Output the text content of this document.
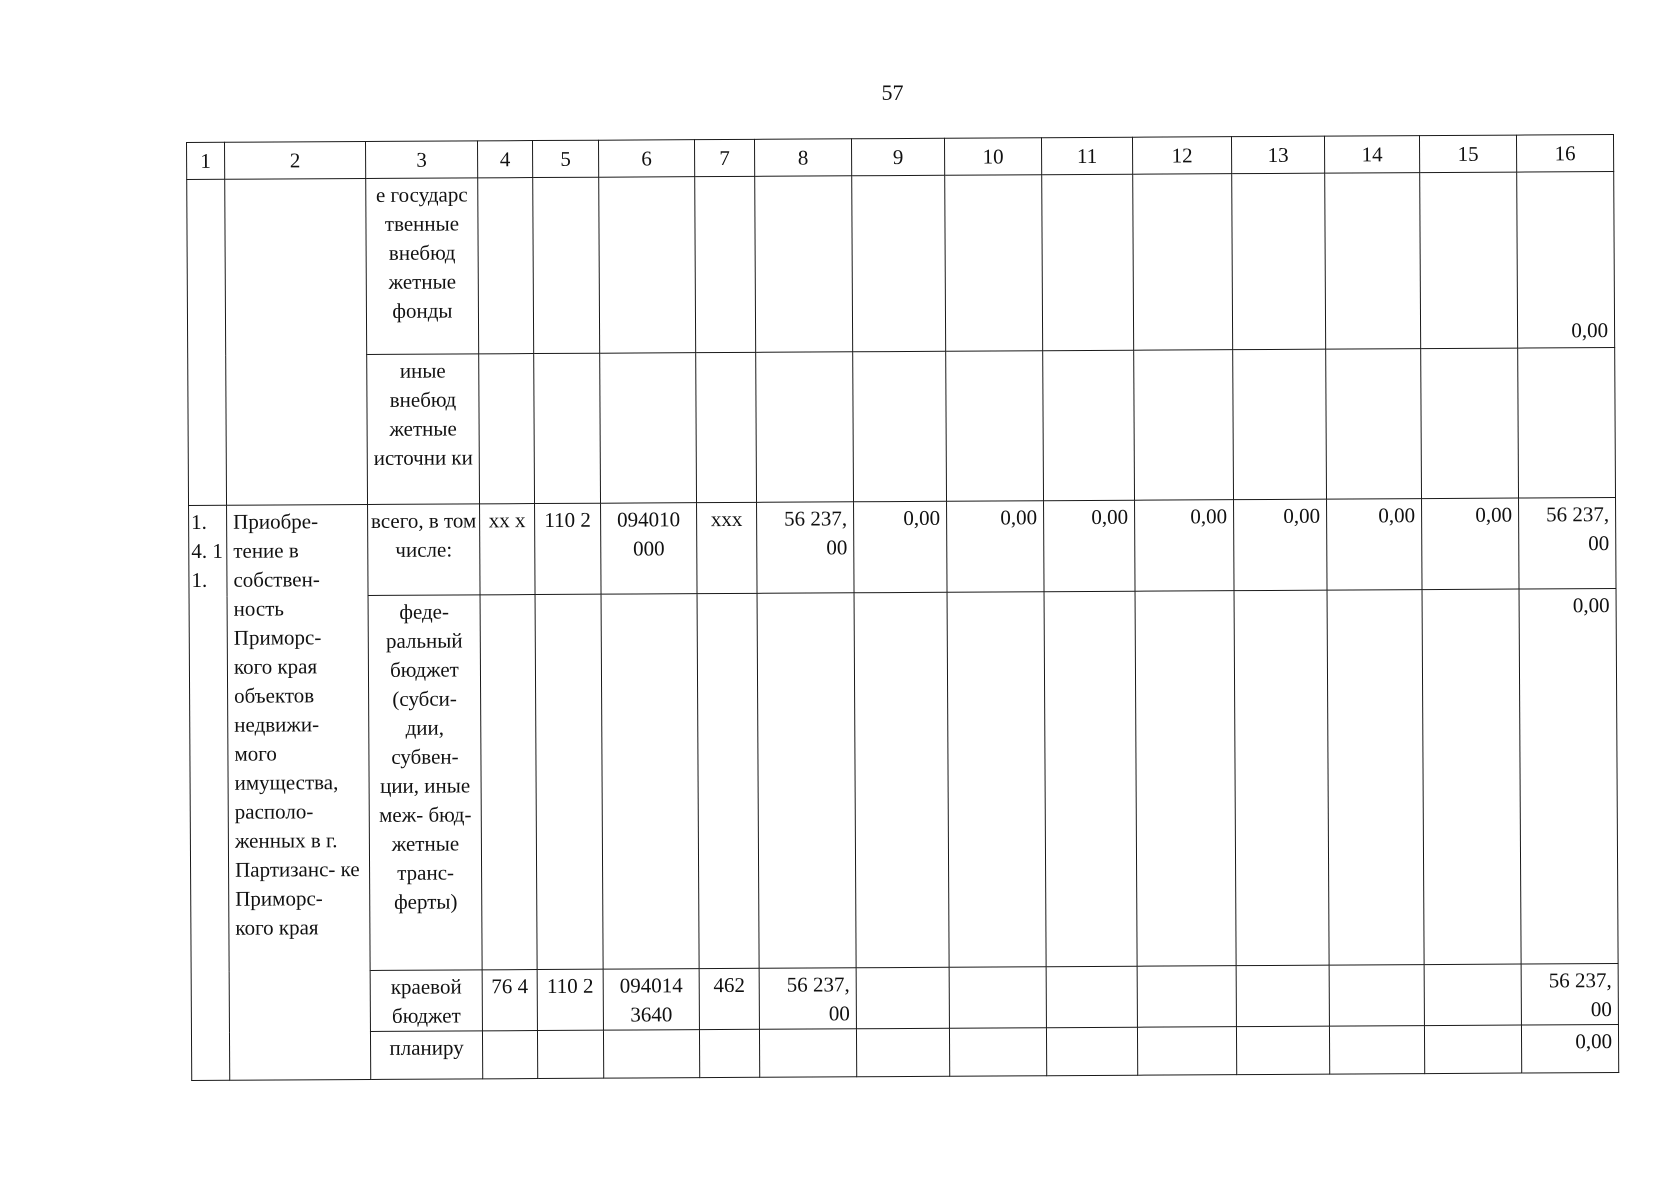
57
1	2	3	4	5	6	7	8	9	10	11	12	13	14	15	16
		е государс твенные внебюд жетные фонды													0,00
		иные внебюд жетные источни ки													
1. 4. 1 1.	Приобре- тение в собствен- ность Приморс- кого края объектов недвижи- мого имущества, располо- женных в г. Партизанс- ке Приморс- кого края	всего, в том числе:	хх х	110 2	094010 000	ххх	56 237, 00	0,00	0,00	0,00	0,00	0,00	0,00	0,00	56 237, 00
		феде- ральный бюджет (субси- дии, субвен- ции, иные меж- бюд- жетные транс- ферты)													0,00
		краевой бюджет	76 4	110 2	094014 3640	462	56 237, 00								56 237, 00
		планиру													0,00
